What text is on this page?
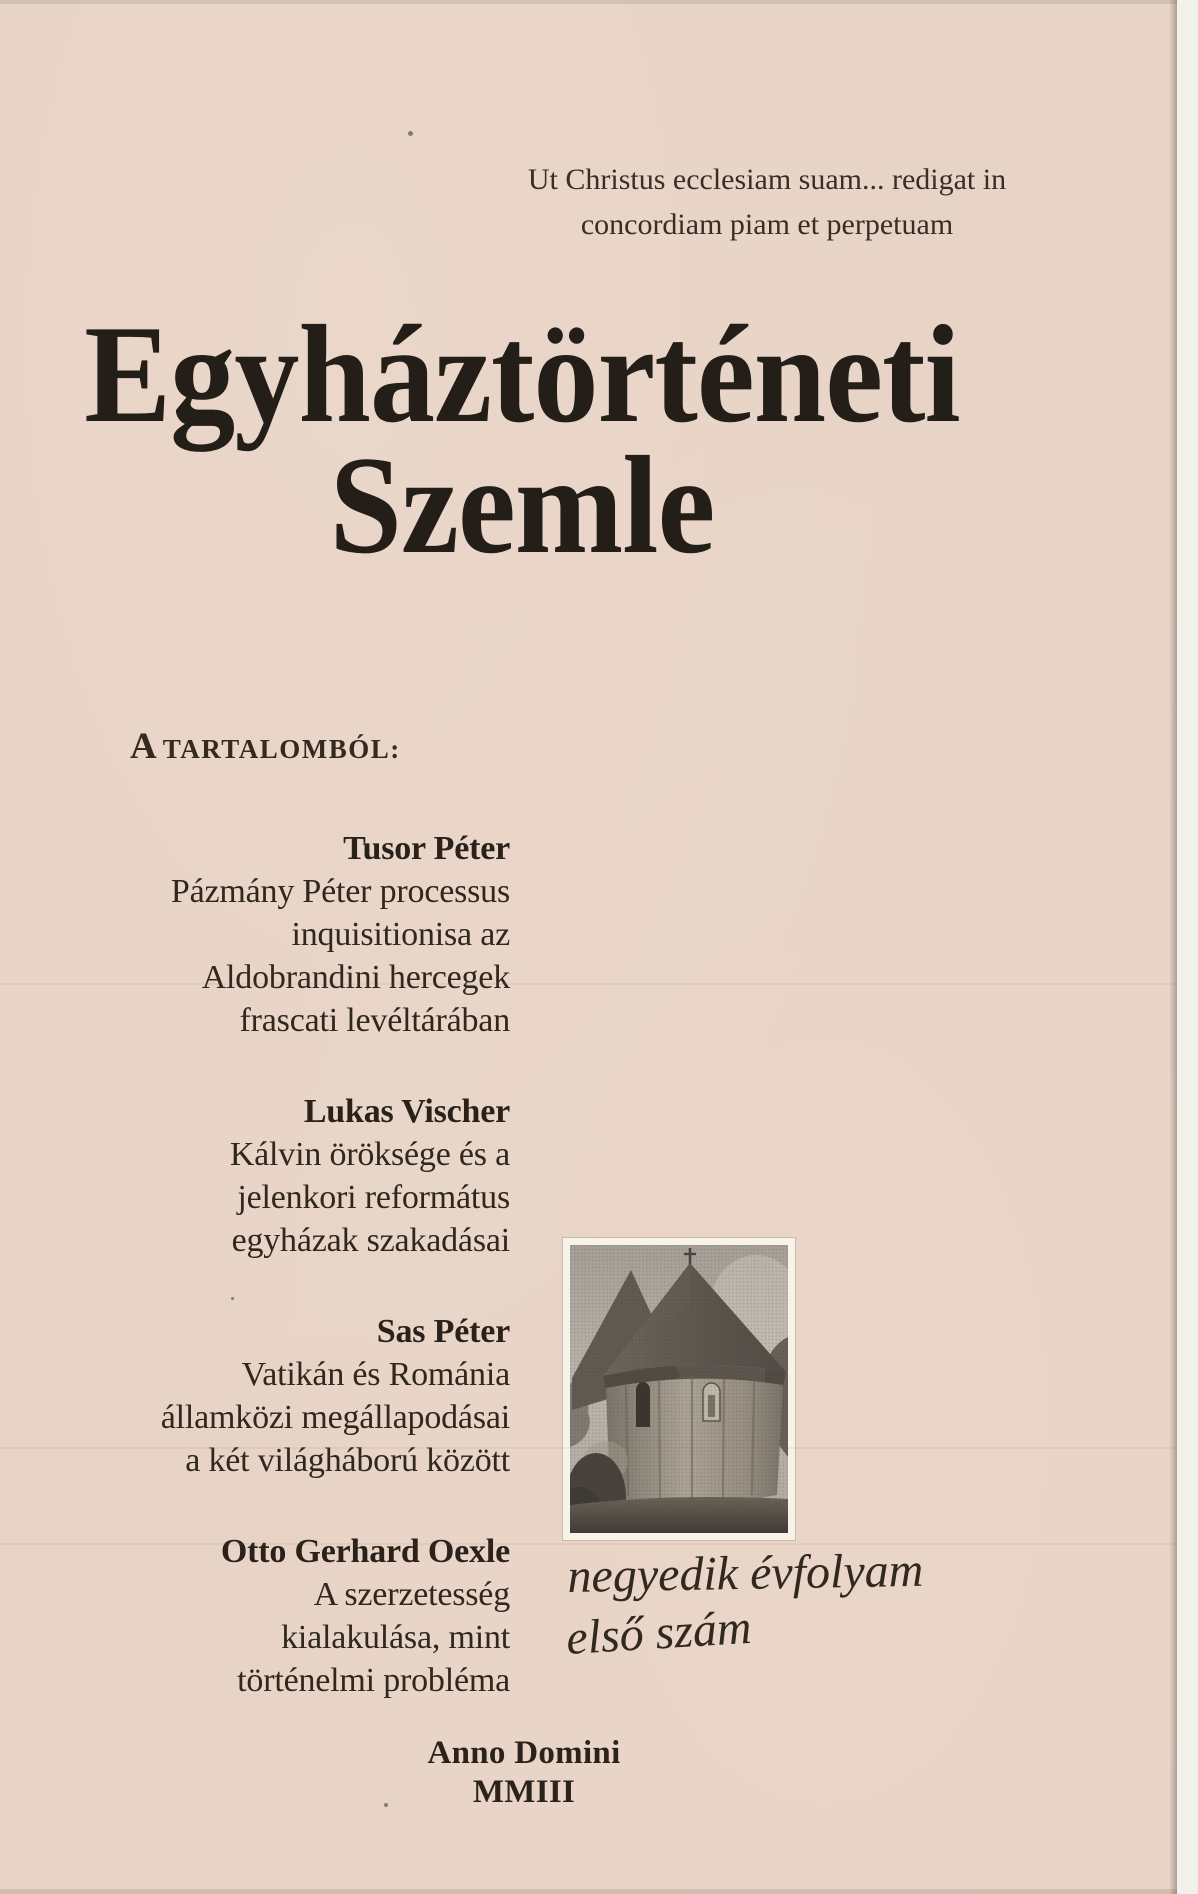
Ut Christus ecclesiam suam... redigat in
concordiam piam et perpetuam
Egyháztörténeti
Szemle
A TARTALOMBÓL:
Tusor Péter
Pázmány Péter processus
inquisitionisa az
Aldobrandini hercegek
frascati levéltárában
Lukas Vischer
Kálvin öröksége és a
jelenkori református
egyházak szakadásai
Sas Péter
Vatikán és Románia
államközi megállapodásai
a két világháború között
Otto Gerhard Oexle
A szerzetesség
kialakulása, mint
történelmi probléma
negyedik évfolyam
első szám
Anno Domini
MMIII
